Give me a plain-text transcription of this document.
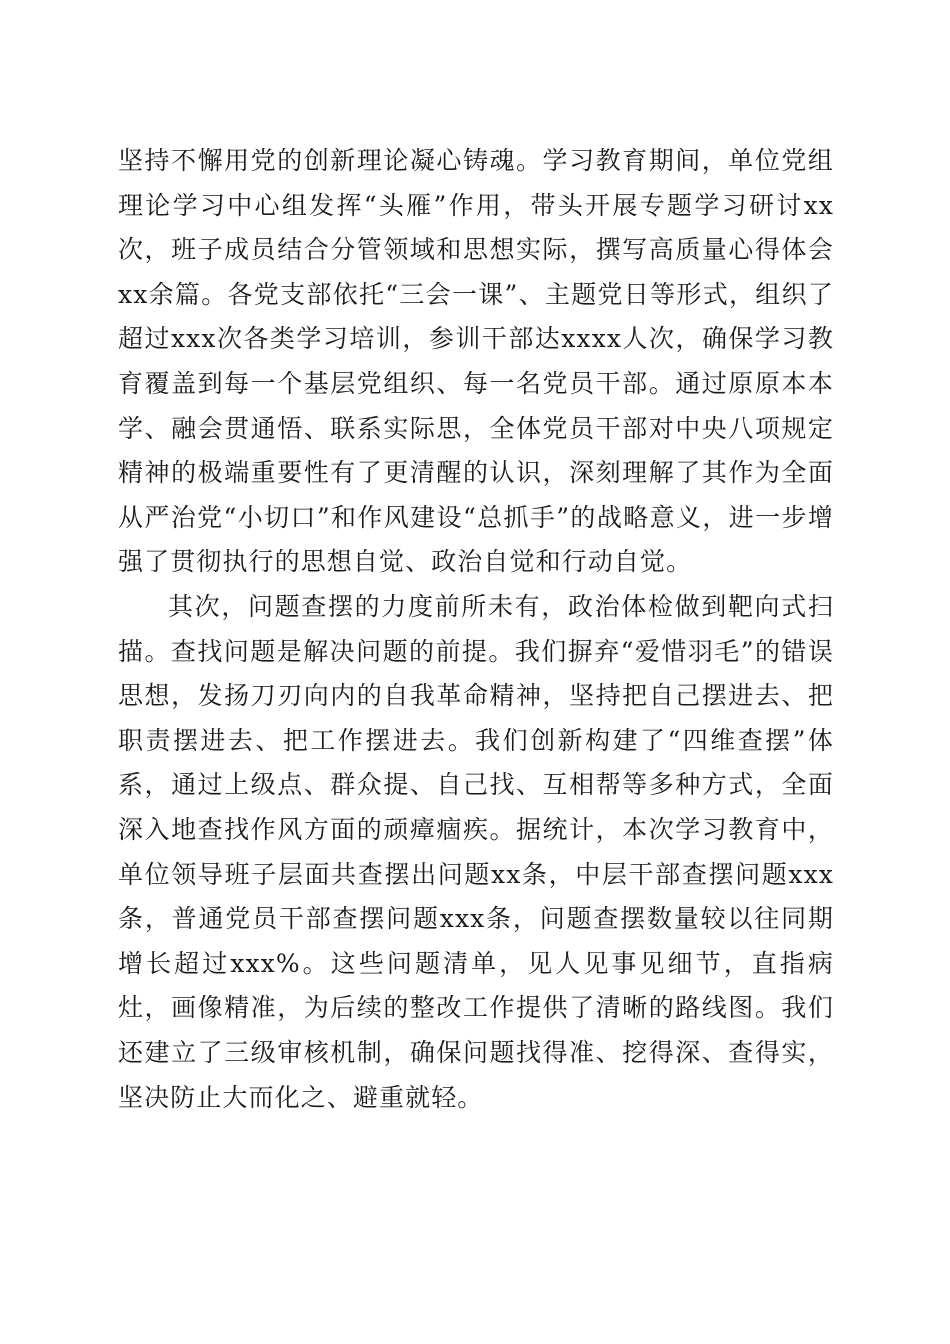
坚持不懈用党的创新理论凝心铸魂。学习教育期间，单位党组理论学习中心组发挥“头雁”作用，带头开展专题学习研讨xx次，班子成员结合分管领域和思想实际，撰写高质量心得体会xx余篇。各党支部依托“三会一课”、主题党日等形式，组织了超过xxx次各类学习培训，参训干部达xxxx人次，确保学习教育覆盖到每一个基层党组织、每一名党员干部。通过原原本本学、融会贯通悟、联系实际思，全体党员干部对中央八项规定精神的极端重要性有了更清醒的认识，深刻理解了其作为全面从严治党“小切口”和作风建设“总抓手”的战略意义，进一步增强了贯彻执行的思想自觉、政治自觉和行动自觉。

其次，问题查摆的力度前所未有，政治体检做到靶向式扫描。查找问题是解决问题的前提。我们摒弃“爱惜羽毛”的错误思想，发扬刀刃向内的自我革命精神，坚持把自己摆进去、把职责摆进去、把工作摆进去。我们创新构建了“四维查摆”体系，通过上级点、群众提、自己找、互相帮等多种方式，全面深入地查找作风方面的顽瘴痼疾。据统计，本次学习教育中，单位领导班子层面共查摆出问题xx条，中层干部查摆问题xxx条，普通党员干部查摆问题xxx条，问题查摆数量较以往同期增长超过xxx%。这些问题清单，见人见事见细节，直指病灶，画像精准，为后续的整改工作提供了清晰的路线图。我们还建立了三级审核机制，确保问题找得准、挖得深、查得实，坚决防止大而化之、避重就轻。
